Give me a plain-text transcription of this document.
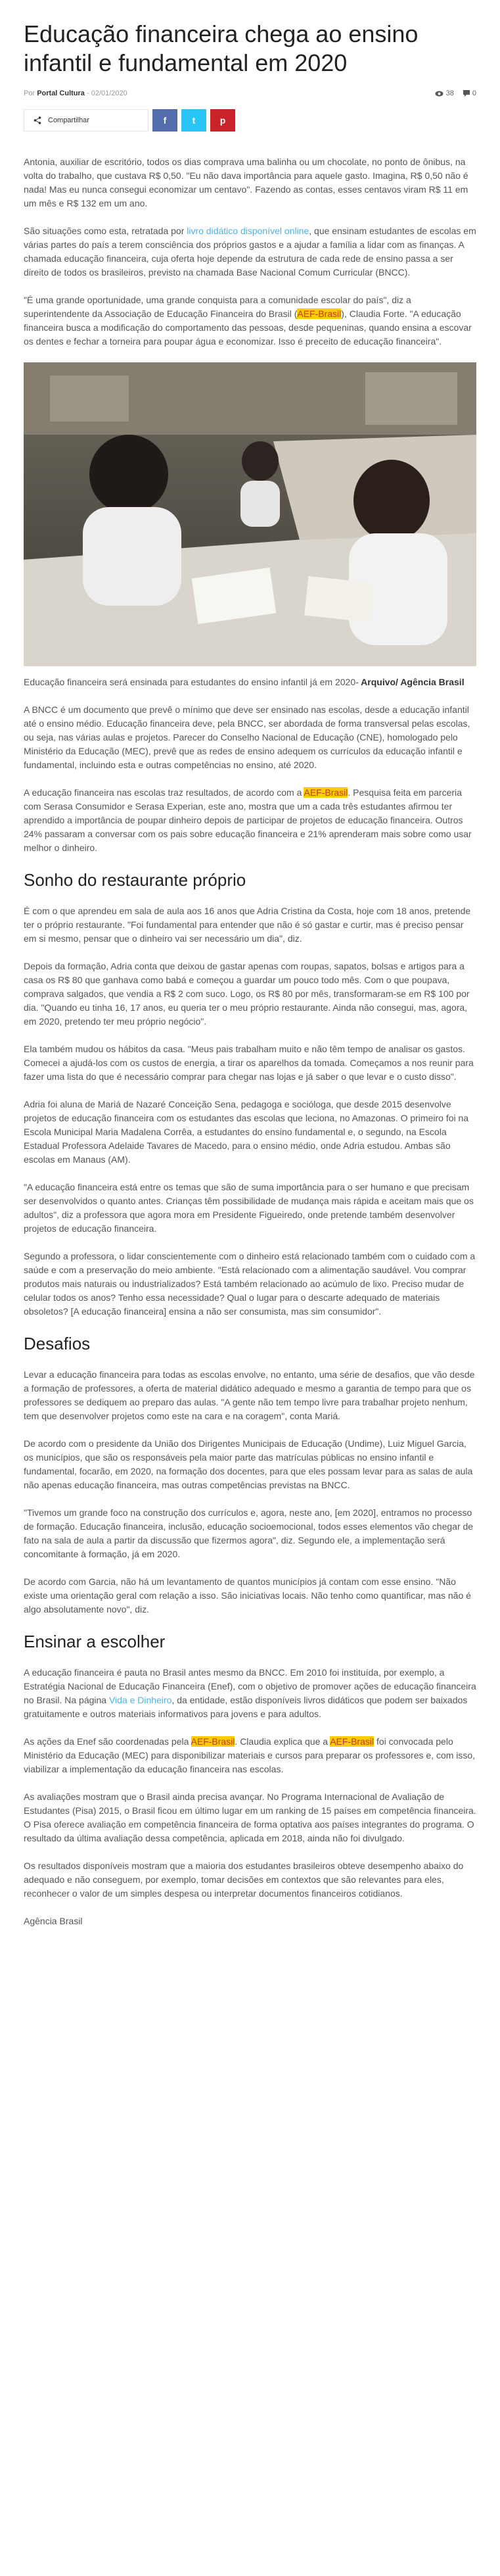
Educação financeira chega ao ensino infantil e fundamental em 2020
Por Portal Cultura - 02/01/2020	38	0
Compartilhar	f	t	p

Antonia, auxiliar de escritório, todos os dias comprava uma balinha ou um chocolate, no ponto de ônibus, na volta do trabalho, que custava R$ 0,50. "Eu não dava importância para aquele gasto. Imagina, R$ 0,50 não é nada! Mas eu nunca consegui economizar um centavo". Fazendo as contas, esses centavos viram R$ 11 em um mês e R$ 132 em um ano.

São situações como esta, retratada por livro didático disponível online, que ensinam estudantes de escolas em várias partes do país a terem consciência dos próprios gastos e a ajudar a família a lidar com as finanças. A chamada educação financeira, cuja oferta hoje depende da estrutura de cada rede de ensino passa a ser direito de todos os brasileiros, previsto na chamada Base Nacional Comum Curricular (BNCC).

"É uma grande oportunidade, uma grande conquista para a comunidade escolar do país", diz a superintendente da Associação de Educação Financeira do Brasil (AEF-Brasil), Claudia Forte. "A educação financeira busca a modificação do comportamento das pessoas, desde pequeninas, quando ensina a escovar os dentes e fechar a torneira para poupar água e economizar. Isso é preceito de educação financeira".

Educação financeira será ensinada para estudantes do ensino infantil já em 2020- Arquivo/ Agência Brasil

A BNCC é um documento que prevê o mínimo que deve ser ensinado nas escolas, desde a educação infantil até o ensino médio. Educação financeira deve, pela BNCC, ser abordada de forma transversal pelas escolas, ou seja, nas várias aulas e projetos. Parecer do Conselho Nacional de Educação (CNE), homologado pelo Ministério da Educação (MEC), prevê que as redes de ensino adequem os currículos da educação infantil e fundamental, incluindo esta e outras competências no ensino, até 2020.

A educação financeira nas escolas traz resultados, de acordo com a AEF-Brasil. Pesquisa feita em parceria com Serasa Consumidor e Serasa Experian, este ano, mostra que um a cada três estudantes afirmou ter aprendido a importância de poupar dinheiro depois de participar de projetos de educação financeira. Outros 24% passaram a conversar com os pais sobre educação financeira e 21% aprenderam mais sobre como usar melhor o dinheiro.

Sonho do restaurante próprio

É com o que aprendeu em sala de aula aos 16 anos que Adria Cristina da Costa, hoje com 18 anos, pretende ter o próprio restaurante. "Foi fundamental para entender que não é só gastar e curtir, mas é preciso pensar em si mesmo, pensar que o dinheiro vai ser necessário um dia", diz.

Depois da formação, Adria conta que deixou de gastar apenas com roupas, sapatos, bolsas e artigos para a casa os R$ 80 que ganhava como babá e começou a guardar um pouco todo mês. Com o que poupava, comprava salgados, que vendia a R$ 2 com suco. Logo, os R$ 80 por mês, transformaram-se em R$ 100 por dia. "Quando eu tinha 16, 17 anos, eu queria ter o meu próprio restaurante. Ainda não consegui, mas, agora, em 2020, pretendo ter meu próprio negócio".

Ela também mudou os hábitos da casa. "Meus pais trabalham muito e não têm tempo de analisar os gastos. Comecei a ajudá-los com os custos de energia, a tirar os aparelhos da tomada. Começamos a nos reunir para fazer uma lista do que é necessário comprar para chegar nas lojas e já saber o que levar e o custo disso".

Adria foi aluna de Mariá de Nazaré Conceição Sena, pedagoga e socióloga, que desde 2015 desenvolve projetos de educação financeira com os estudantes das escolas que leciona, no Amazonas. O primeiro foi na Escola Municipal Maria Madalena Corrêa, a estudantes do ensino fundamental e, o segundo, na Escola Estadual Professora Adelaide Tavares de Macedo, para o ensino médio, onde Adria estudou. Ambas são escolas em Manaus (AM).

"A educação financeira está entre os temas que são de suma importância para o ser humano e que precisam ser desenvolvidos o quanto antes. Crianças têm possibilidade de mudança mais rápida e aceitam mais que os adultos", diz a professora que agora mora em Presidente Figueiredo, onde pretende também desenvolver projetos de educação financeira.

Segundo a professora, o lidar conscientemente com o dinheiro está relacionado também com o cuidado com a saúde e com a preservação do meio ambiente. "Está relacionado com a alimentação saudável. Vou comprar produtos mais naturais ou industrializados? Está também relacionado ao acúmulo de lixo. Preciso mudar de celular todos os anos? Tenho essa necessidade? Qual o lugar para o descarte adequado de materiais obsoletos? [A educação financeira] ensina a não ser consumista, mas sim consumidor".

Desafios

Levar a educação financeira para todas as escolas envolve, no entanto, uma série de desafios, que vão desde a formação de professores, a oferta de material didático adequado e mesmo a garantia de tempo para que os professores se dediquem ao preparo das aulas. "A gente não tem tempo livre para trabalhar projeto nenhum, tem que desenvolver projetos como este na cara e na coragem", conta Mariá.

De acordo com o presidente da União dos Dirigentes Municipais de Educação (Undime), Luiz Miguel Garcia, os municípios, que são os responsáveis pela maior parte das matrículas públicas no ensino infantil e fundamental, focarão, em 2020, na formação dos docentes, para que eles possam levar para as salas de aula não apenas educação financeira, mas outras competências previstas na BNCC.

"Tivemos um grande foco na construção dos currículos e, agora, neste ano, [em 2020], entramos no processo de formação. Educação financeira, inclusão, educação socioemocional, todos esses elementos vão chegar de fato na sala de aula a partir da discussão que fizermos agora", diz. Segundo ele, a implementação será concomitante à formação, já em 2020.

De acordo com Garcia, não há um levantamento de quantos municípios já contam com esse ensino. "Não existe uma orientação geral com relação a isso. São iniciativas locais. Não tenho como quantificar, mas não é algo absolutamente novo", diz.

Ensinar a escolher

A educação financeira é pauta no Brasil antes mesmo da BNCC. Em 2010 foi instituída, por exemplo, a Estratégia Nacional de Educação Financeira (Enef), com o objetivo de promover ações de educação financeira no Brasil. Na página Vida e Dinheiro, da entidade, estão disponíveis livros didáticos que podem ser baixados gratuitamente e outros materiais informativos para jovens e para adultos.

As ações da Enef são coordenadas pela AEF-Brasil. Claudia explica que a AEF-Brasil foi convocada pelo Ministério da Educação (MEC) para disponibilizar materiais e cursos para preparar os professores e, com isso, viabilizar a implementação da educação financeira nas escolas.

As avaliações mostram que o Brasil ainda precisa avançar. No Programa Internacional de Avaliação de Estudantes (Pisa) 2015, o Brasil ficou em último lugar em um ranking de 15 países em competência financeira. O Pisa oferece avaliação em competência financeira de forma optativa aos países integrantes do programa. O resultado da última avaliação dessa competência, aplicada em 2018, ainda não foi divulgado.

Os resultados disponíveis mostram que a maioria dos estudantes brasileiros obteve desempenho abaixo do adequado e não conseguem, por exemplo, tomar decisões em contextos que são relevantes para eles, reconhecer o valor de um simples despesa ou interpretar documentos financeiros cotidianos.

Agência Brasil
